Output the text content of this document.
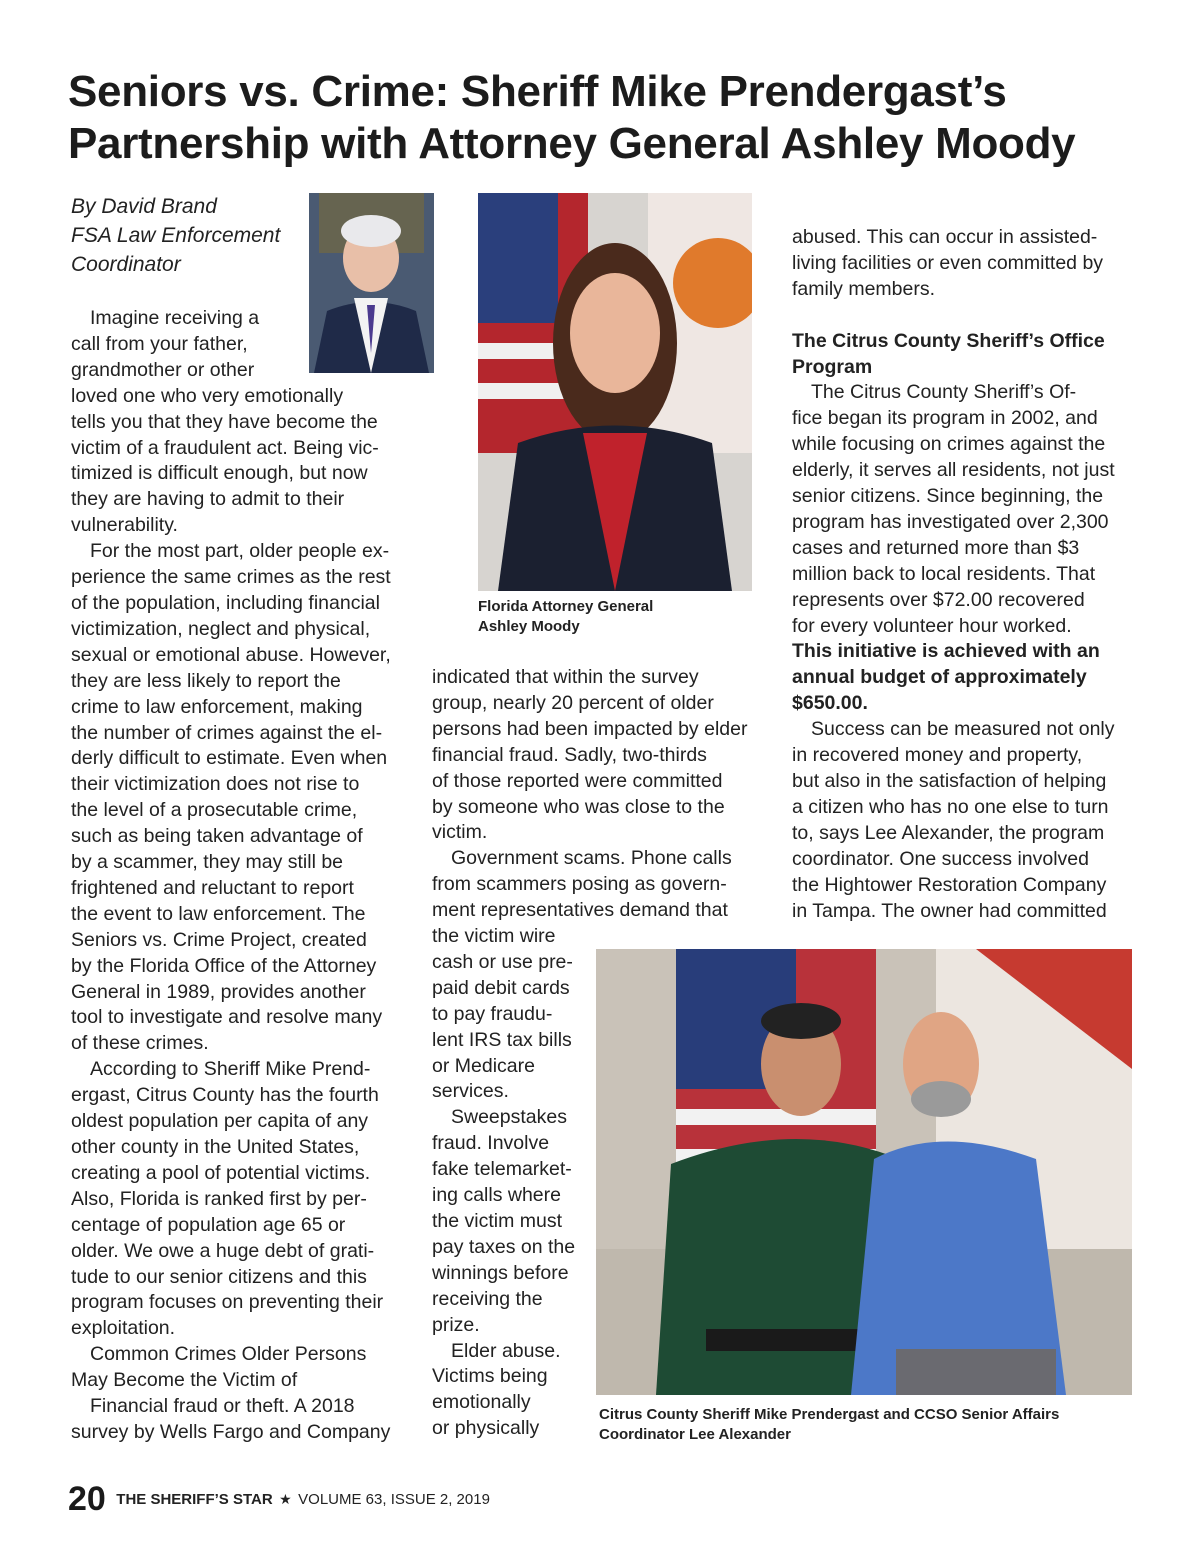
Seniors vs. Crime: Sheriff Mike Prendergast’s
Partnership with Attorney General Ashley Moody
By David Brand
FSA Law Enforcement
Coordinator
Florida Attorney General
Ashley Moody
Citrus County Sheriff Mike Prendergast and CCSO Senior Affairs
Coordinator Lee Alexander
Imagine receiving a
call from your father,
grandmother or other
loved one who very emotionally
tells you that they have become the
victim of a fraudulent act. Being vic-
timized is difficult enough, but now
they are having to admit to their
vulnerability.
For the most part, older people ex-
perience the same crimes as the rest
of the population, including financial
victimization, neglect and physical,
sexual or emotional abuse. However,
they are less likely to report the
crime to law enforcement, making
the number of crimes against the el-
derly difficult to estimate. Even when
their victimization does not rise to
the level of a prosecutable crime,
such as being taken advantage of
by a scammer, they may still be
frightened and reluctant to report
the event to law enforcement. The
Seniors vs. Crime Project, created
by the Florida Office of the Attorney
General in 1989, provides another
tool to investigate and resolve many
of these crimes.
According to Sheriff Mike Prend-
ergast, Citrus County has the fourth
oldest population per capita of any
other county in the United States,
creating a pool of potential victims.
Also, Florida is ranked first by per-
centage of population age 65 or
older. We owe a huge debt of grati-
tude to our senior citizens and this
program focuses on preventing their
exploitation.
Common Crimes Older Persons
May Become the Victim of
Financial fraud or theft. A 2018
survey by Wells Fargo and Company
indicated that within the survey
group, nearly 20 percent of older
persons had been impacted by elder
financial fraud. Sadly, two-thirds
of those reported were committed
by someone who was close to the
victim.
Government scams. Phone calls
from scammers posing as govern-
ment representatives demand that
the victim wire
cash or use pre-
paid debit cards
to pay fraudu-
lent IRS tax bills
or Medicare
services.
Sweepstakes
fraud. Involve
fake telemarket-
ing calls where
the victim must
pay taxes on the
winnings before
receiving the
prize.
Elder abuse.
Victims being
emotionally
or physically
abused. This can occur in assisted-
living facilities or even committed by
family members.
The Citrus County Sheriff’s Office
Program
The Citrus County Sheriff’s Of-
fice began its program in 2002, and
while focusing on crimes against the
elderly, it serves all residents, not just
senior citizens. Since beginning, the
program has investigated over 2,300
cases and returned more than $3
million back to local residents. That
represents over $72.00 recovered
for every volunteer hour worked.
This initiative is achieved with an
annual budget of approximately
$650.00.
Success can be measured not only
in recovered money and property,
but also in the satisfaction of helping
a citizen who has no one else to turn
to, says Lee Alexander, the program
coordinator. One success involved
the Hightower Restoration Company
in Tampa. The owner had committed
20 THE SHERIFF’S STAR ★ VOLUME 63, ISSUE 2, 2019
